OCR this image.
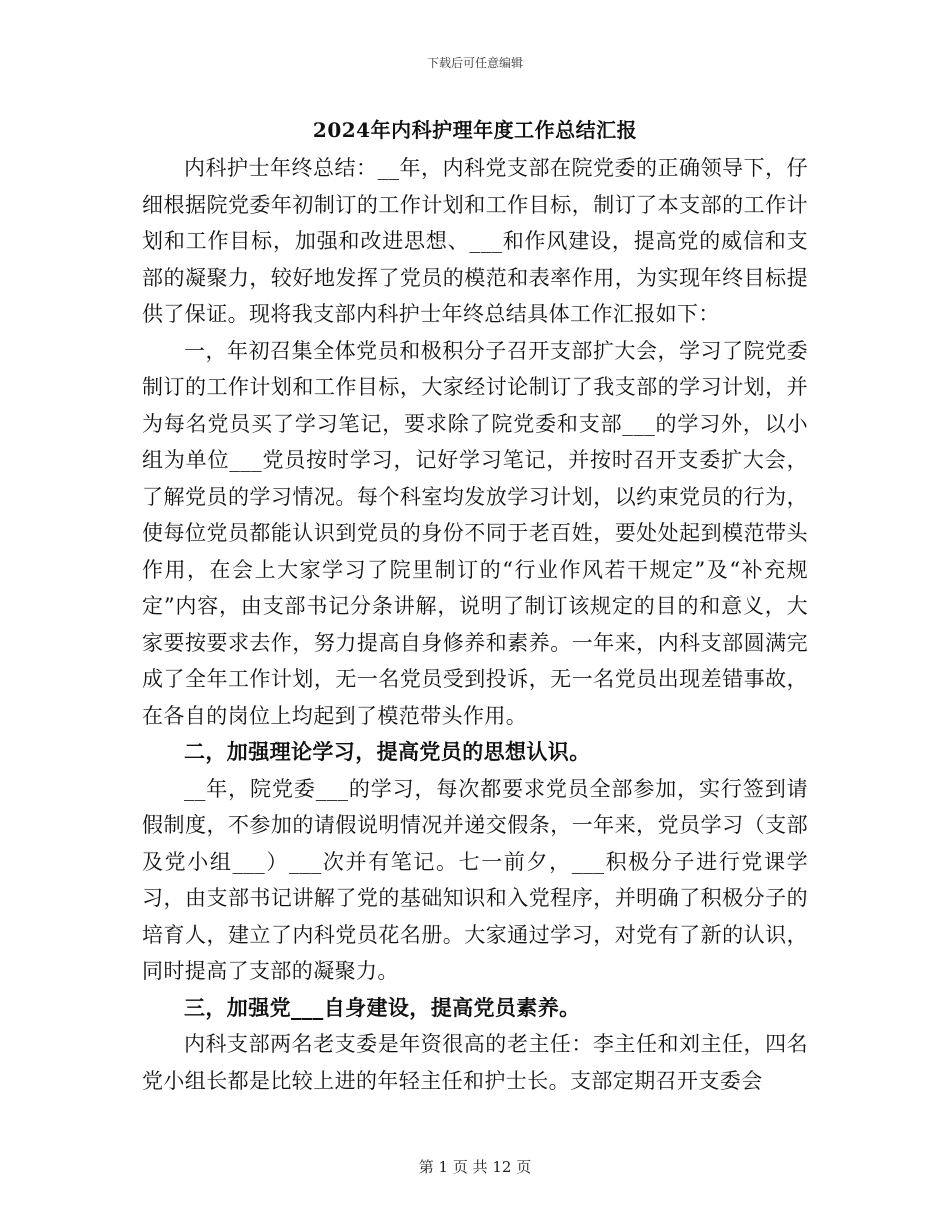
下载后可任意编辑
2024年内科护理年度工作总结汇报

内科护士年终总结：__年，内科党支部在院党委的正确领导下，仔细根据院党委年初制订的工作计划和工作目标，制订了本支部的工作计划和工作目标，加强和改进思想、___和作风建设，提高党的威信和支部的凝聚力，较好地发挥了党员的模范和表率作用，为实现年终目标提供了保证。现将我支部内科护士年终总结具体工作汇报如下：

一，年初召集全体党员和极积分子召开支部扩大会，学习了院党委制订的工作计划和工作目标，大家经讨论制订了我支部的学习计划，并为每名党员买了学习笔记，要求除了院党委和支部___的学习外，以小组为单位___党员按时学习，记好学习笔记，并按时召开支委扩大会，了解党员的学习情况。每个科室均发放学习计划，以约束党员的行为，使每位党员都能认识到党员的身份不同于老百姓，要处处起到模范带头作用，在会上大家学习了院里制订的“行业作风若干规定”及“补充规定”内容，由支部书记分条讲解，说明了制订该规定的目的和意义，大家要按要求去作，努力提高自身修养和素养。一年来，内科支部圆满完成了全年工作计划，无一名党员受到投诉，无一名党员出现差错事故，在各自的岗位上均起到了模范带头作用。

二，加强理论学习，提高党员的思想认识。

__年，院党委___的学习，每次都要求党员全部参加，实行签到请假制度，不参加的请假说明情况并递交假条，一年来，党员学习（支部及党小组___）___次并有笔记。七一前夕，___积极分子进行党课学习，由支部书记讲解了党的基础知识和入党程序，并明确了积极分子的培育人，建立了内科党员花名册。大家通过学习，对党有了新的认识，同时提高了支部的凝聚力。

三，加强党___自身建设，提高党员素养。

内科支部两名老支委是年资很高的老主任：李主任和刘主任，四名党小组长都是比较上进的年轻主任和护士长。支部定期召开支委会

第 1 页 共 12 页
